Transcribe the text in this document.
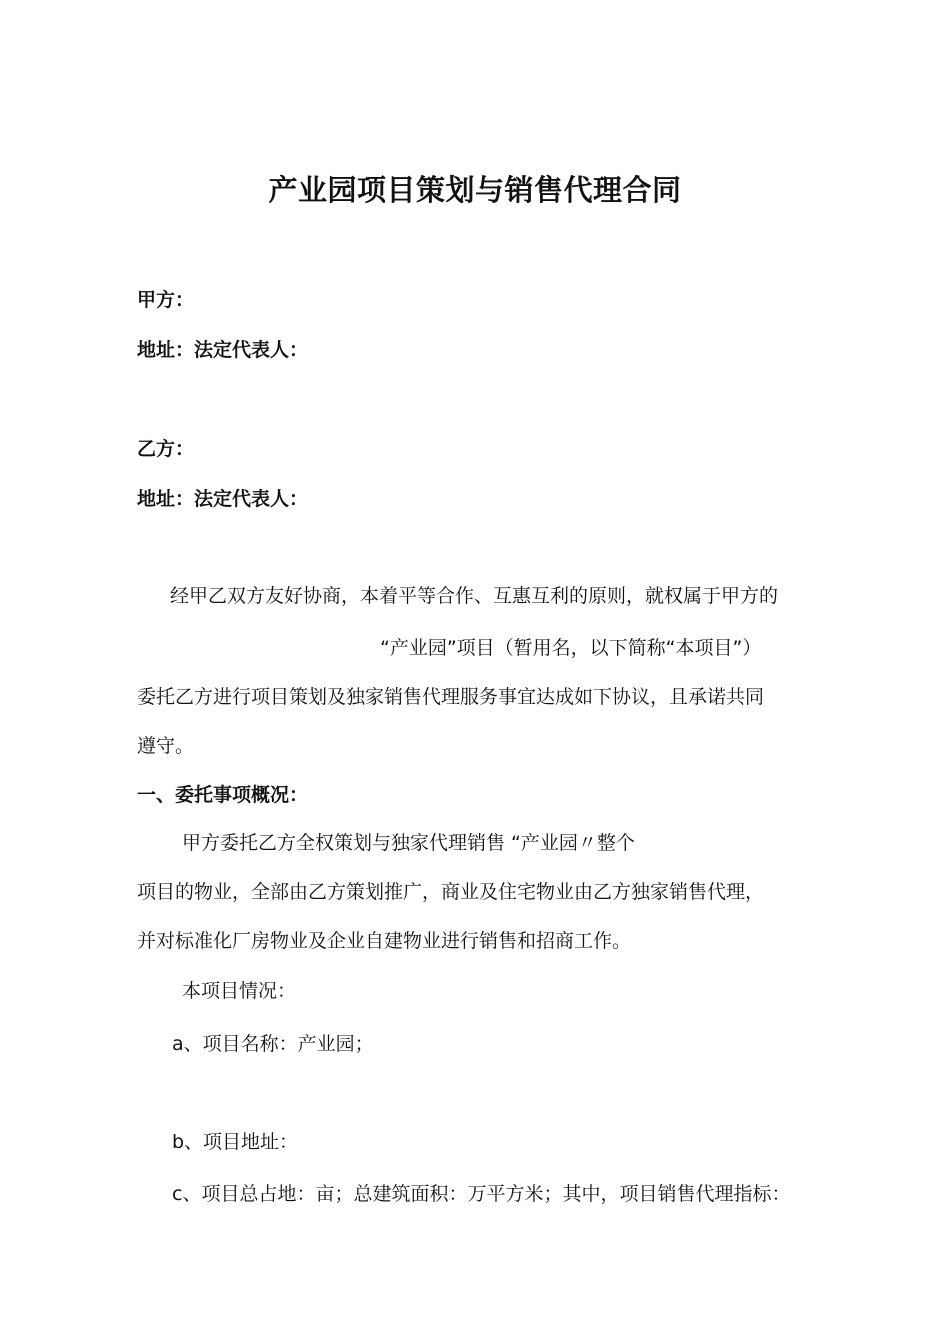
产业园项目策划与销售代理合同
甲方：
地址：法定代表人：
乙方：
地址：法定代表人：
经甲乙双方友好协商，本着平等合作、互惠互利的原则，就权属于甲方的
“产业园”项目（暂用名，以下简称“本项目”）
委托乙方进行项目策划及独家销售代理服务事宜达成如下协议，且承诺共同
遵守。
一、委托事项概况：
甲方委托乙方全权策划与独家代理销售 “产业园〃整个
项目的物业，全部由乙方策划推广，商业及住宅物业由乙方独家销售代理，
并对标准化厂房物业及企业自建物业进行销售和招商工作。
本项目情况：
a、项目名称：产业园；
b、项目地址：
c、项目总占地：亩；总建筑面积：万平方米；其中，项目销售代理指标：
